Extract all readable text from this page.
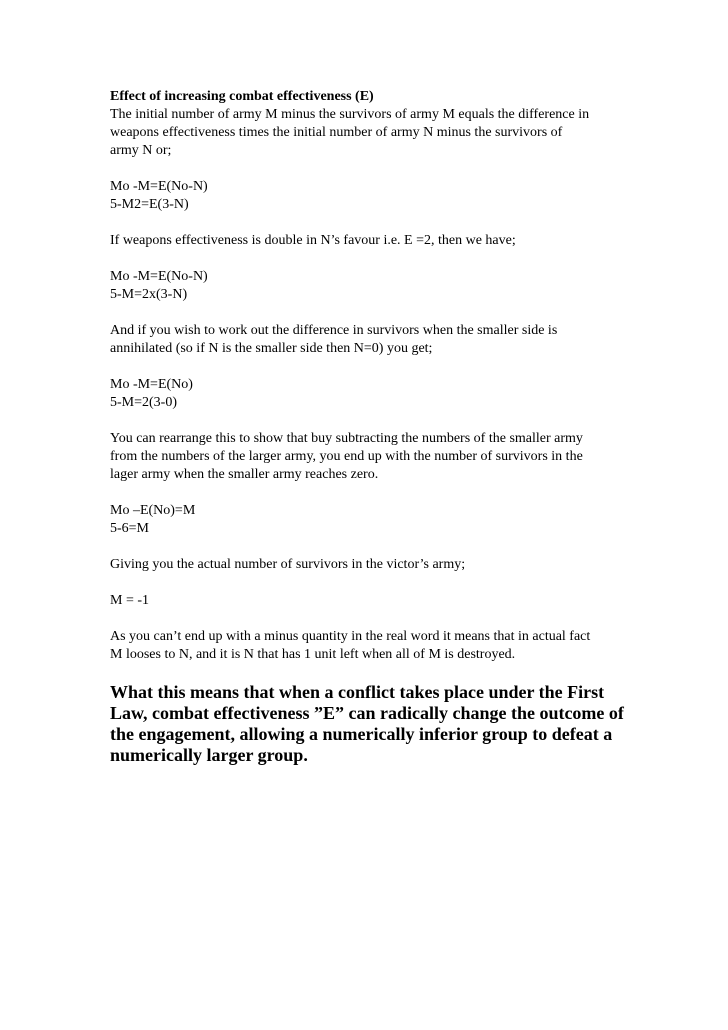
Effect of increasing combat effectiveness (E)
The initial number of army M minus the survivors of army M equals the difference in
weapons effectiveness times the initial number of army N minus the survivors of
army N or;
Mo -M=E(No-N)
5-M2=E(3-N)
If weapons effectiveness is double in N’s favour i.e. E =2, then we have;
Mo -M=E(No-N)
5-M=2x(3-N)
And if you wish to work out the difference in survivors when the smaller side is
annihilated (so if N is the smaller side then N=0) you get;
Mo -M=E(No)
5-M=2(3-0)
You can rearrange this to show that buy subtracting the numbers of the smaller army
from the numbers of the larger army, you end up with the number of survivors in the
lager army when the smaller army reaches zero.
Mo –E(No)=M
5-6=M
Giving you the actual number of survivors in the victor’s army;
M = -1
As you can’t end up with a minus quantity in the real word it means that in actual fact
M looses to N, and it is N that has 1 unit left when all of M is destroyed.
What this means that when a conflict takes place under the First
Law, combat effectiveness ”E” can radically change the outcome of
the engagement, allowing a numerically inferior group to defeat a
numerically larger group.
